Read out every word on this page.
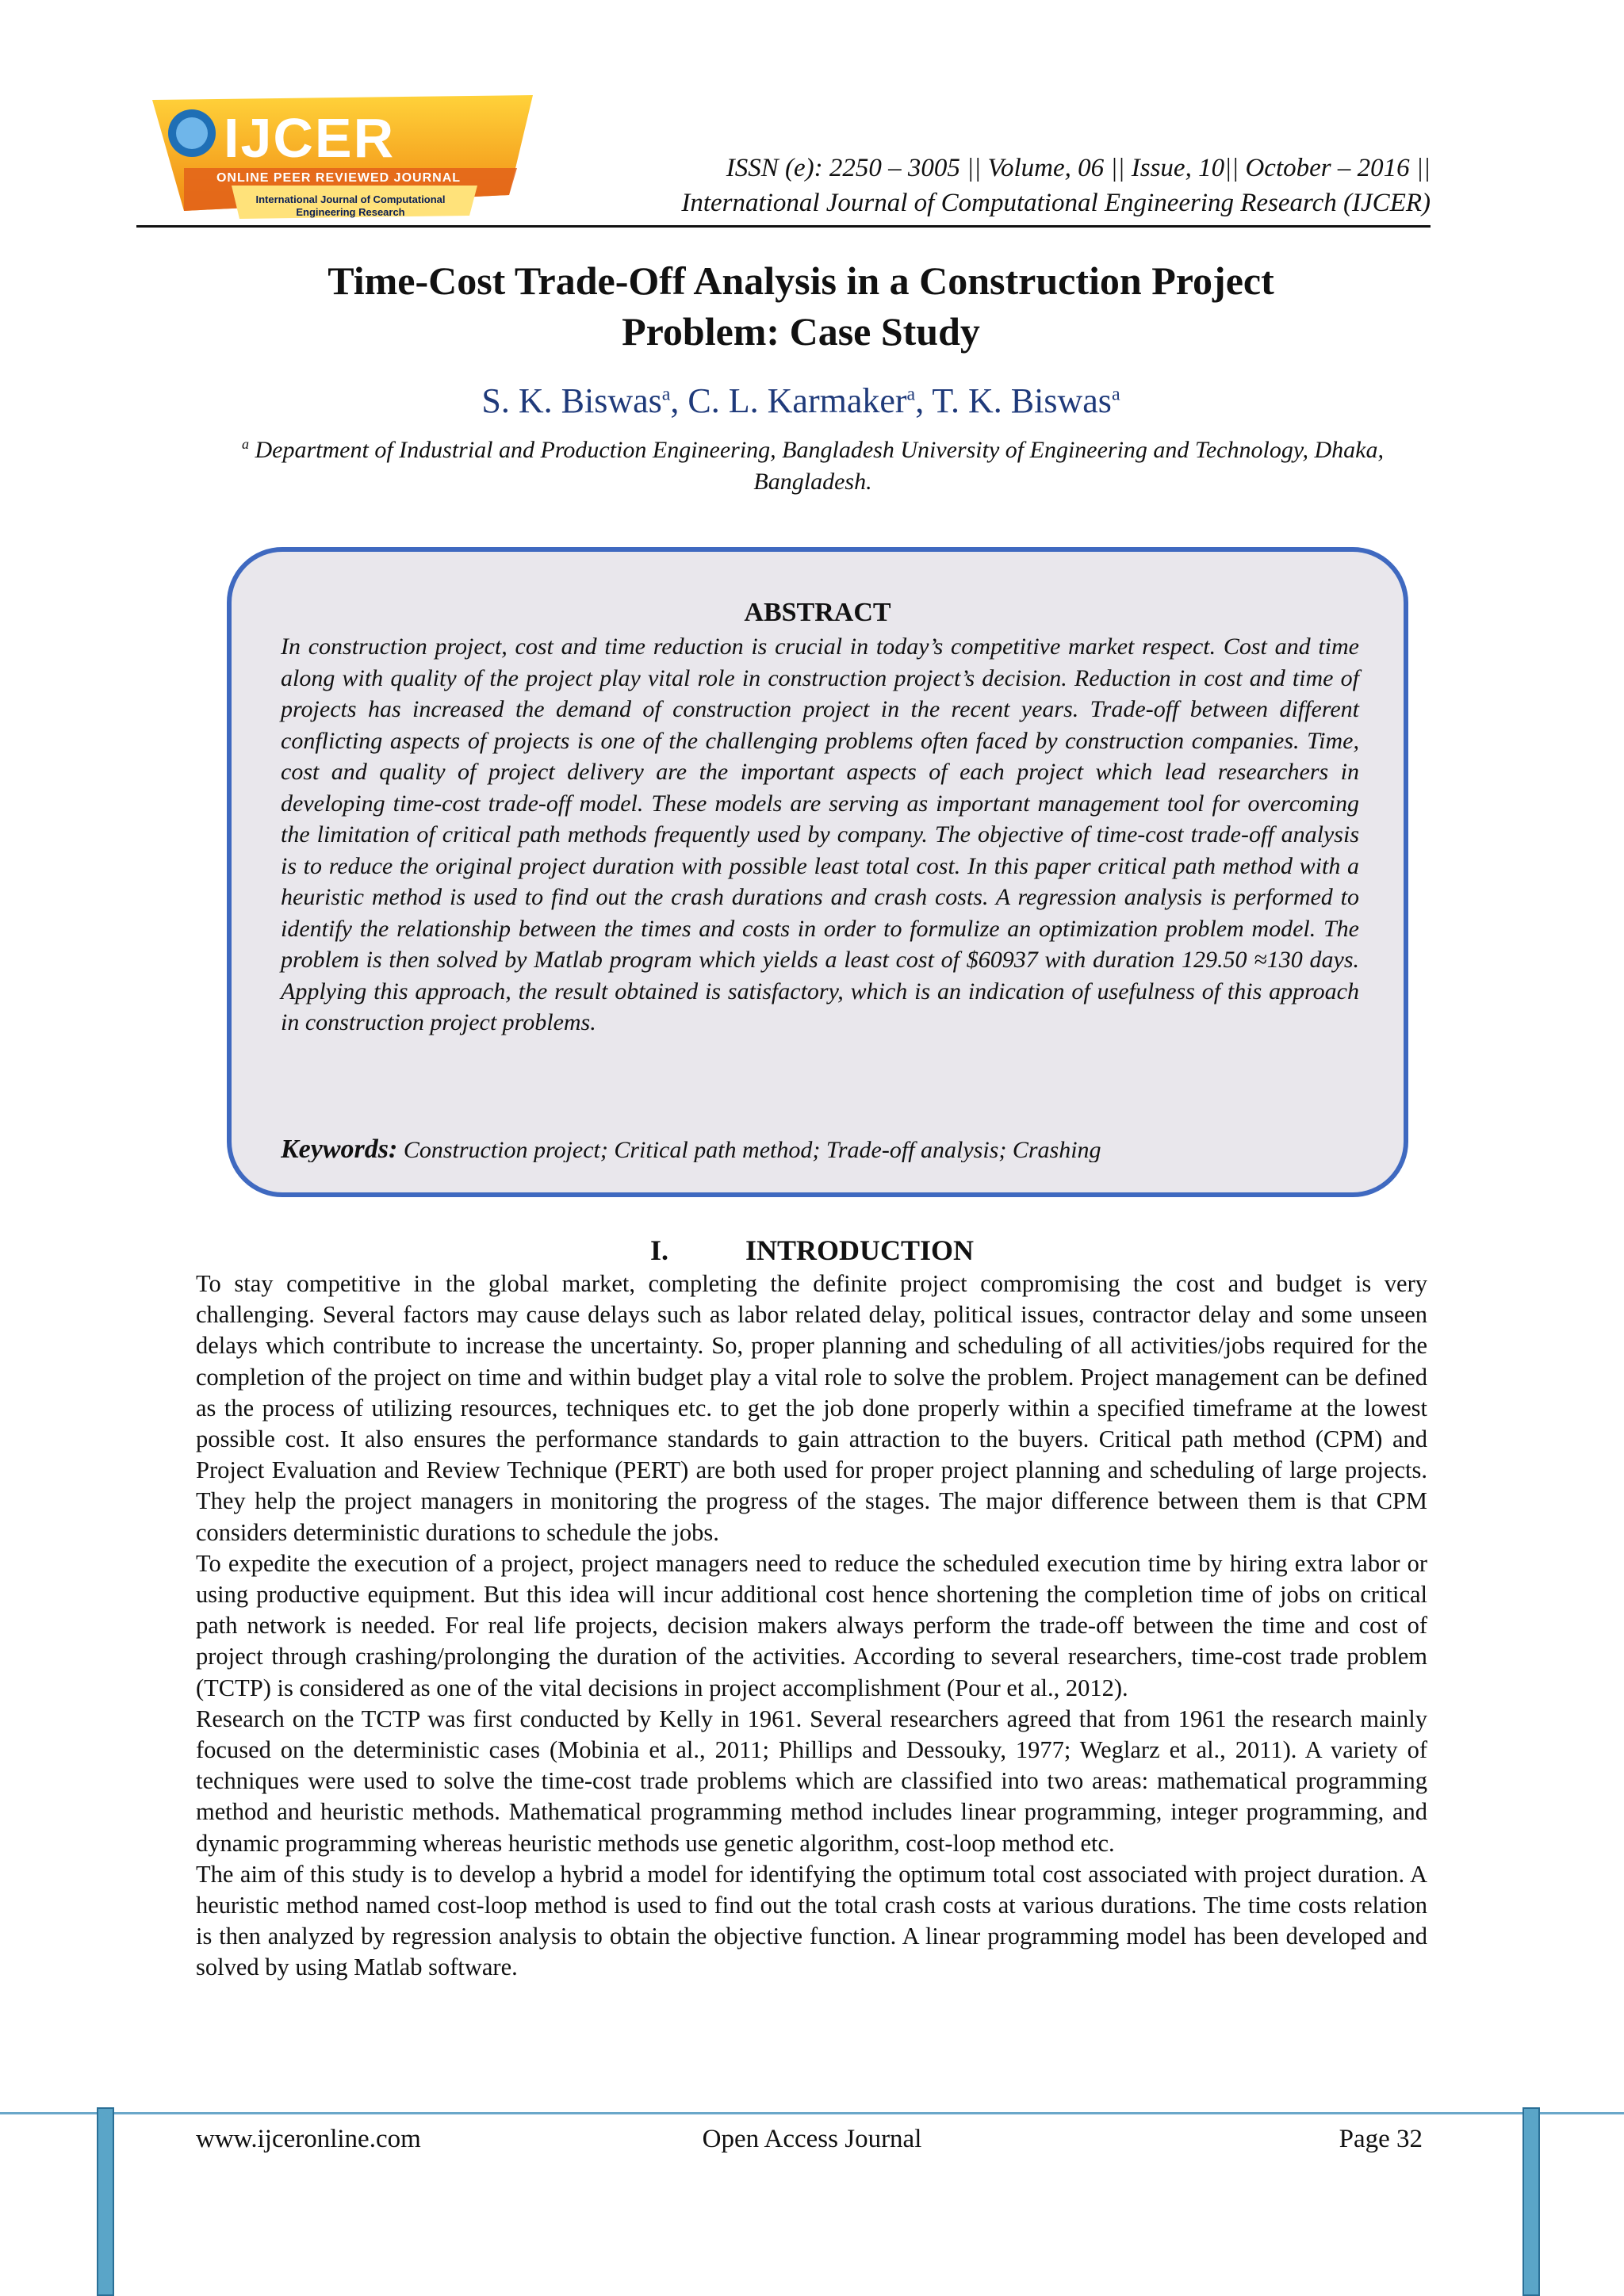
IJCER
ONLINE PEER REVIEWED JOURNAL
International Journal of Computational
Engineering Research
ISSN (e): 2250 – 3005 || Volume, 06 || Issue, 10|| October – 2016 ||
International Journal of Computational Engineering Research (IJCER)
Time-Cost Trade-Off Analysis in a Construction Project
Problem: Case Study
S. K. Biswas$^a$, C. L. Karmaker$^a$, T. K. Biswas$^a$
$^a$ Department of Industrial and Production Engineering, Bangladesh University of Engineering and Technology, Dhaka, Bangladesh.
ABSTRACT
In construction project, cost and time reduction is crucial in today’s competitive market respect. Cost and time along with quality of the project play vital role in construction project’s decision. Reduction in cost and time of projects has increased the demand of construction project in the recent years. Trade-off between different conflicting aspects of projects is one of the challenging problems often faced by construction companies. Time, cost and quality of project delivery are the important aspects of each project which lead researchers in developing time-cost trade-off model. These models are serving as important management tool for overcoming the limitation of critical path methods frequently used by company. The objective of time-cost trade-off analysis is to reduce the original project duration with possible least total cost. In this paper critical path method with a heuristic method is used to find out the crash durations and crash costs. A regression analysis is performed to identify the relationship between the times and costs in order to formulize an optimization problem model. The problem is then solved by Matlab program which yields a least cost of $60937 with duration 129.50 ≈130 days. Applying this approach, the result obtained is satisfactory, which is an indication of usefulness of this approach in construction project problems.
Keywords: Construction project; Critical path method; Trade-off analysis; Crashing
I.	INTRODUCTION

To stay competitive in the global market, completing the definite project compromising the cost and budget is very challenging. Several factors may cause delays such as labor related delay, political issues, contractor delay and some unseen delays which contribute to increase the uncertainty. So, proper planning and scheduling of all activities/jobs required for the completion of the project on time and within budget play a vital role to solve the problem. Project management can be defined as the process of utilizing resources, techniques etc. to get the job done properly within a specified timeframe at the lowest possible cost. It also ensures the performance standards to gain attraction to the buyers. Critical path method (CPM) and Project Evaluation and Review Technique (PERT) are both used for proper project planning and scheduling of large projects. They help the project managers in monitoring the progress of the stages. The major difference between them is that CPM considers deterministic durations to schedule the jobs.

To expedite the execution of a project, project managers need to reduce the scheduled execution time by hiring extra labor or using productive equipment. But this idea will incur additional cost hence shortening the completion time of jobs on critical path network is needed. For real life projects, decision makers always perform the trade-off between the time and cost of project through crashing/prolonging the duration of the activities. According to several researchers, time-cost trade problem (TCTP) is considered as one of the vital decisions in project accomplishment (Pour et al., 2012).

Research on the TCTP was first conducted by Kelly in 1961. Several researchers agreed that from 1961 the research mainly focused on the deterministic cases (Mobinia et al., 2011; Phillips and Dessouky, 1977; Weglarz et al., 2011). A variety of techniques were used to solve the time-cost trade problems which are classified into two areas: mathematical programming method and heuristic methods. Mathematical programming method includes linear programming, integer programming, and dynamic programming whereas heuristic methods use genetic algorithm, cost-loop method etc.

The aim of this study is to develop a hybrid a model for identifying the optimum total cost associated with project duration. A heuristic method named cost-loop method is used to find out the total crash costs at various durations. The time costs relation is then analyzed by regression analysis to obtain the objective function. A linear programming model has been developed and solved by using Matlab software.

www.ijceronline.com	Open Access Journal	Page 32
